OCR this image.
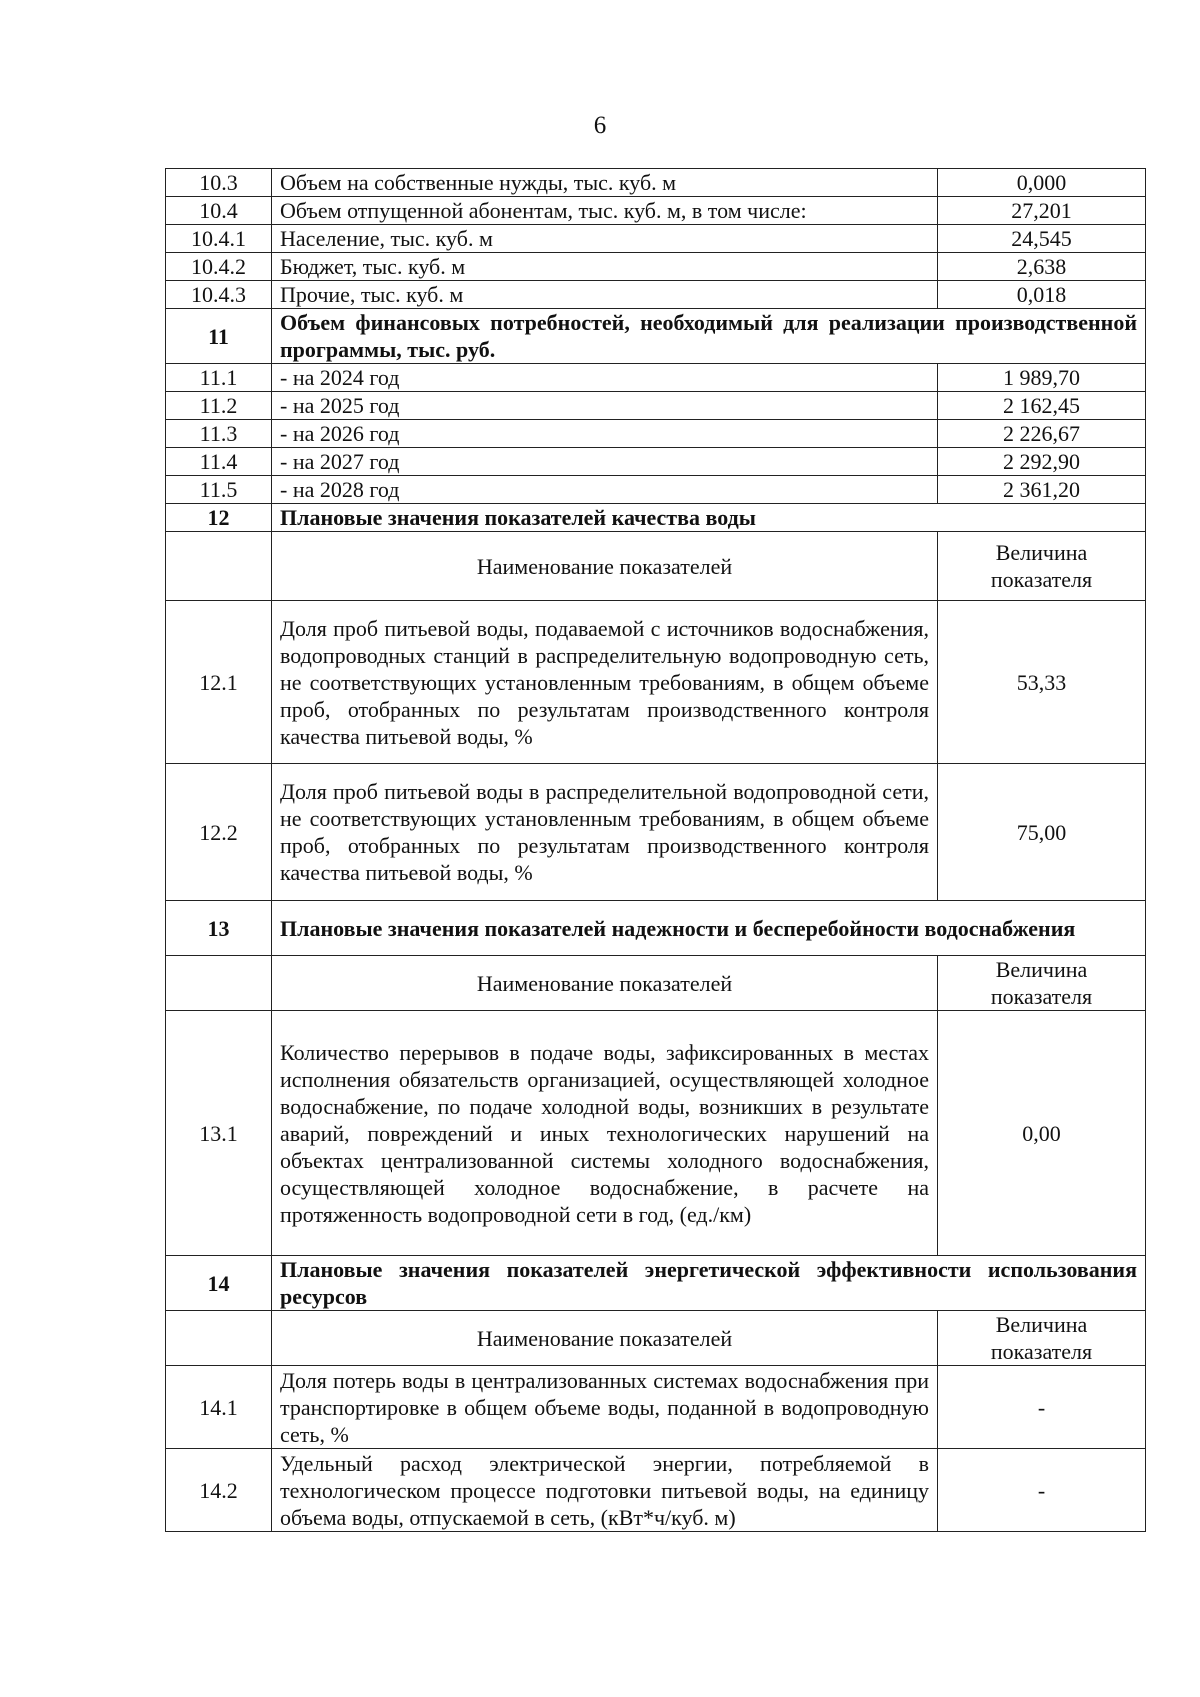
6
10.3	Объем на собственные нужды, тыс. куб. м	0,000
10.4	Объем отпущенной абонентам, тыс. куб. м, в том числе:	27,201
10.4.1	Население, тыс. куб. м	24,545
10.4.2	Бюджет, тыс. куб. м	2,638
10.4.3	Прочие, тыс. куб. м	0,018
11	Объем финансовых потребностей, необходимый для реализации производственной программы, тыс. руб.	
11.1	- на 2024 год	1 989,70
11.2	- на 2025 год	2 162,45
11.3	- на 2026 год	2 226,67
11.4	- на 2027 год	2 292,90
11.5	- на 2028 год	2 361,20
12	Плановые значения показателей качества воды	
	Наименование показателей	Величина показателя
12.1	Доля проб питьевой воды, подаваемой с источников водоснабжения, водопроводных станций в распределительную водопроводную сеть, не соответствующих установленным требованиям, в общем объеме проб, отобранных по результатам производственного контроля качества питьевой воды, %	53,33
12.2	Доля проб питьевой воды в распределительной водопроводной сети, не соответствующих установленным требованиям, в общем объеме проб, отобранных по результатам производственного контроля качества питьевой воды, %	75,00
13	Плановые значения показателей надежности и бесперебойности водоснабжения	
	Наименование показателей	Величина показателя
13.1	Количество перерывов в подаче воды, зафиксированных в местах исполнения обязательств организацией, осуществляющей холодное водоснабжение, по подаче холодной воды, возникших в результате аварий, повреждений и иных технологических нарушений на объектах централизованной системы холодного водоснабжения, осуществляющей холодное водоснабжение, в расчете на протяженность водопроводной сети в год, (ед./км)	0,00
14	Плановые значения показателей энергетической эффективности использования ресурсов	
	Наименование показателей	Величина показателя
14.1	Доля потерь воды в централизованных системах водоснабжения при транспортировке в общем объеме воды, поданной в водопроводную сеть, %	-
14.2	Удельный расход электрической энергии, потребляемой в технологическом процессе подготовки питьевой воды, на единицу объема воды, отпускаемой в сеть, (кВт*ч/куб. м)	-
